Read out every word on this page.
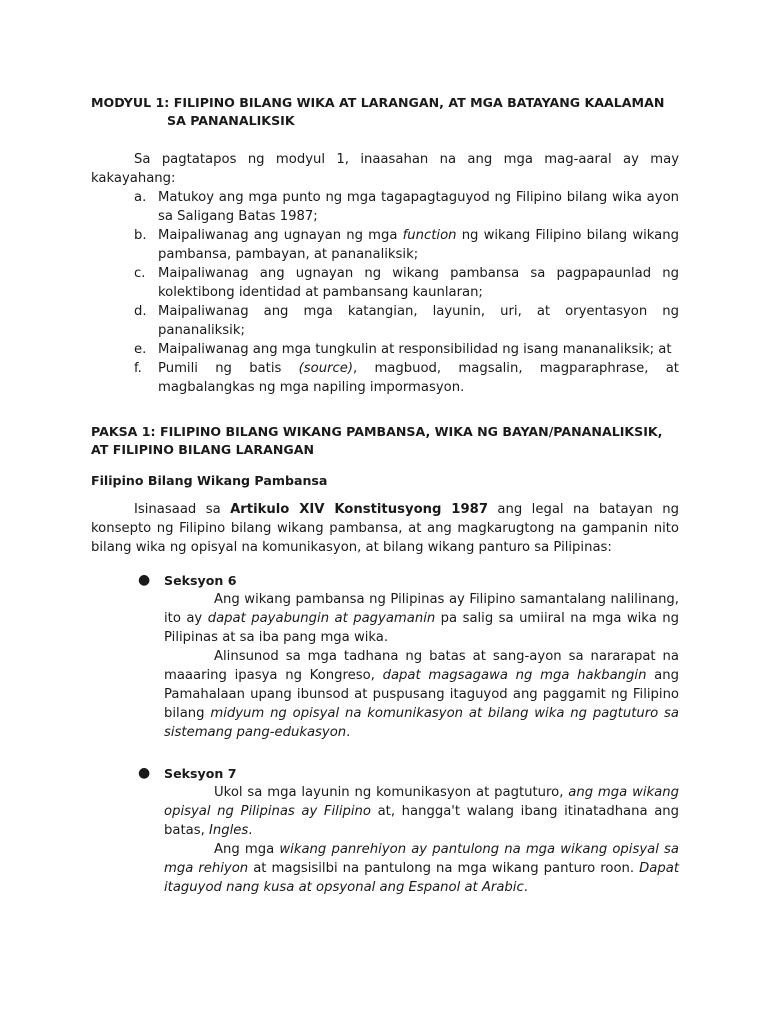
MODYUL 1: FILIPINO BILANG WIKA AT LARANGAN, AT MGA BATAYANG KAALAMAN
SA PANANALIKSIK
Sa pagtatapos ng modyul 1, inaasahan na ang mga mag-aaral ay may kakayahang:
a. Matukoy ang mga punto ng mga tagapagtaguyod ng Filipino bilang wika ayon sa Saligang Batas 1987;
b. Maipaliwanag ang ugnayan ng mga function ng wikang Filipino bilang wikang pambansa, pambayan, at pananaliksik;
c. Maipaliwanag ang ugnayan ng wikang pambansa sa pagpapaunlad ng kolektibong identidad at pambansang kaunlaran;
d. Maipaliwanag ang mga katangian, layunin, uri, at oryentasyon ng pananaliksik;
e. Maipaliwanag ang mga tungkulin at responsibilidad ng isang mananaliksik; at
f. Pumili ng batis (source), magbuod, magsalin, magparaphrase, at magbalangkas ng mga napiling impormasyon.
PAKSA 1: FILIPINO BILANG WIKANG PAMBANSA, WIKA NG BAYAN/PANANALIKSIK, AT FILIPINO BILANG LARANGAN
Filipino Bilang Wikang Pambansa
Isinasaad sa Artikulo XIV Konstitusyong 1987 ang legal na batayan ng konsepto ng Filipino bilang wikang pambansa, at ang magkarugtong na gampanin nito bilang wika ng opisyal na komunikasyon, at bilang wikang panturo sa Pilipinas:
● Seksyon 6
Ang wikang pambansa ng Pilipinas ay Filipino samantalang nalilinang, ito ay dapat payabungin at pagyamanin pa salig sa umiiral na mga wika ng Pilipinas at sa iba pang mga wika.
Alinsunod sa mga tadhana ng batas at sang-ayon sa nararapat na maaaring ipasya ng Kongreso, dapat magsagawa ng mga hakbangin ang Pamahalaan upang ibunsod at puspusang itaguyod ang paggamit ng Filipino bilang midyum ng opisyal na komunikasyon at bilang wika ng pagtuturo sa sistemang pang-edukasyon.
● Seksyon 7
Ukol sa mga layunin ng komunikasyon at pagtuturo, ang mga wikang opisyal ng Pilipinas ay Filipino at, hangga't walang ibang itinatadhana ang batas, Ingles.
Ang mga wikang panrehiyon ay pantulong na mga wikang opisyal sa mga rehiyon at magsisilbi na pantulong na mga wikang panturo roon. Dapat itaguyod nang kusa at opsyonal ang Espanol at Arabic.
